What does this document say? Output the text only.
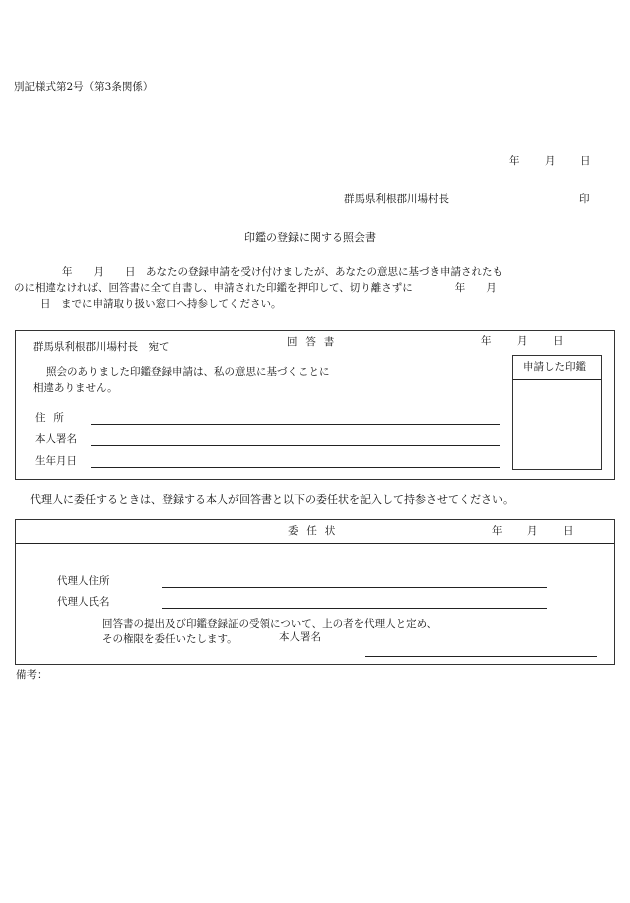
別記様式第2号（第3条関係）
年 月 日
群馬県利根郡川場村長	印
印鑑の登録に関する照会書
年　　月　　日　あなたの登録申請を受け付けましたが、あなたの意思に基づき申請されたも
のに相違なければ、回答書に全て自書し、申請された印鑑を押印して、切り離さずに　　　　年　　月
日　までに申請取り扱い窓口へ持参してください。
群馬県利根郡川場村長　宛て	回答書	年 月 日
照会のありました印鑑登録申請は、私の意思に基づくことに
相違ありません。
住所
本人署名
生年月日
申請した印鑑
代理人に委任するときは、登録する本人が回答書と以下の委任状を記入して持参させてください。
委任状	年 月 日
代理人住所
代理人氏名
回答書の提出及び印鑑登録証の受領について、上の者を代理人と定め、
その権限を委任いたします。	本人署名
備考：
